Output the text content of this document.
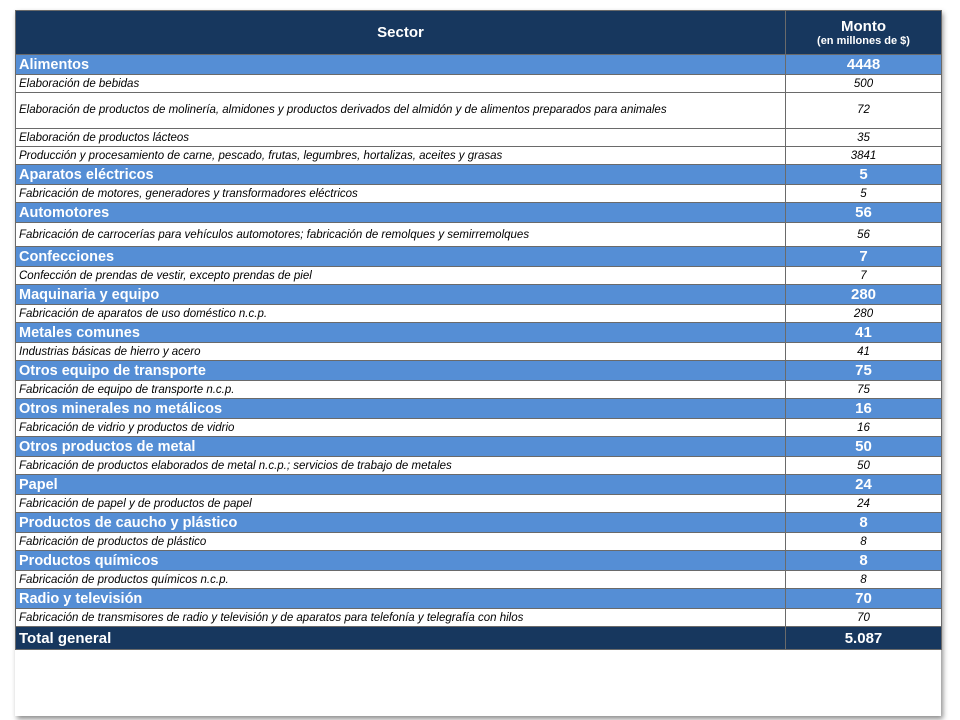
Sector	Monto
(en millones de $)

Alimentos	4448
Elaboración de bebidas	500
Elaboración de productos de molinería, almidones y productos derivados del almidón y de alimentos preparados para animales	72
Elaboración de productos lácteos	35
Producción y procesamiento de carne, pescado, frutas, legumbres, hortalizas, aceites y grasas	3841
Aparatos eléctricos	5
Fabricación de motores, generadores y transformadores eléctricos	5
Automotores	56
Fabricación de carrocerías para vehículos automotores; fabricación de remolques y semirremolques	56
Confecciones	7
Confección de prendas de vestir, excepto prendas de piel	7
Maquinaria y equipo	280
Fabricación de aparatos de uso doméstico n.c.p.	280
Metales comunes	41
Industrias básicas de hierro y acero	41
Otros equipo de transporte	75
Fabricación de equipo de transporte n.c.p.	75
Otros minerales no metálicos	16
Fabricación de vidrio y productos de vidrio	16
Otros productos de metal	50
Fabricación de productos elaborados de metal n.c.p.; servicios de trabajo de metales	50
Papel	24
Fabricación de papel y de productos de papel	24
Productos de caucho y plástico	8
Fabricación de productos de plástico	8
Productos químicos	8
Fabricación de productos químicos n.c.p.	8
Radio y televisión	70
Fabricación de transmisores de radio y televisión y de aparatos para telefonía y telegrafía con hilos	70
Total general	5.087
